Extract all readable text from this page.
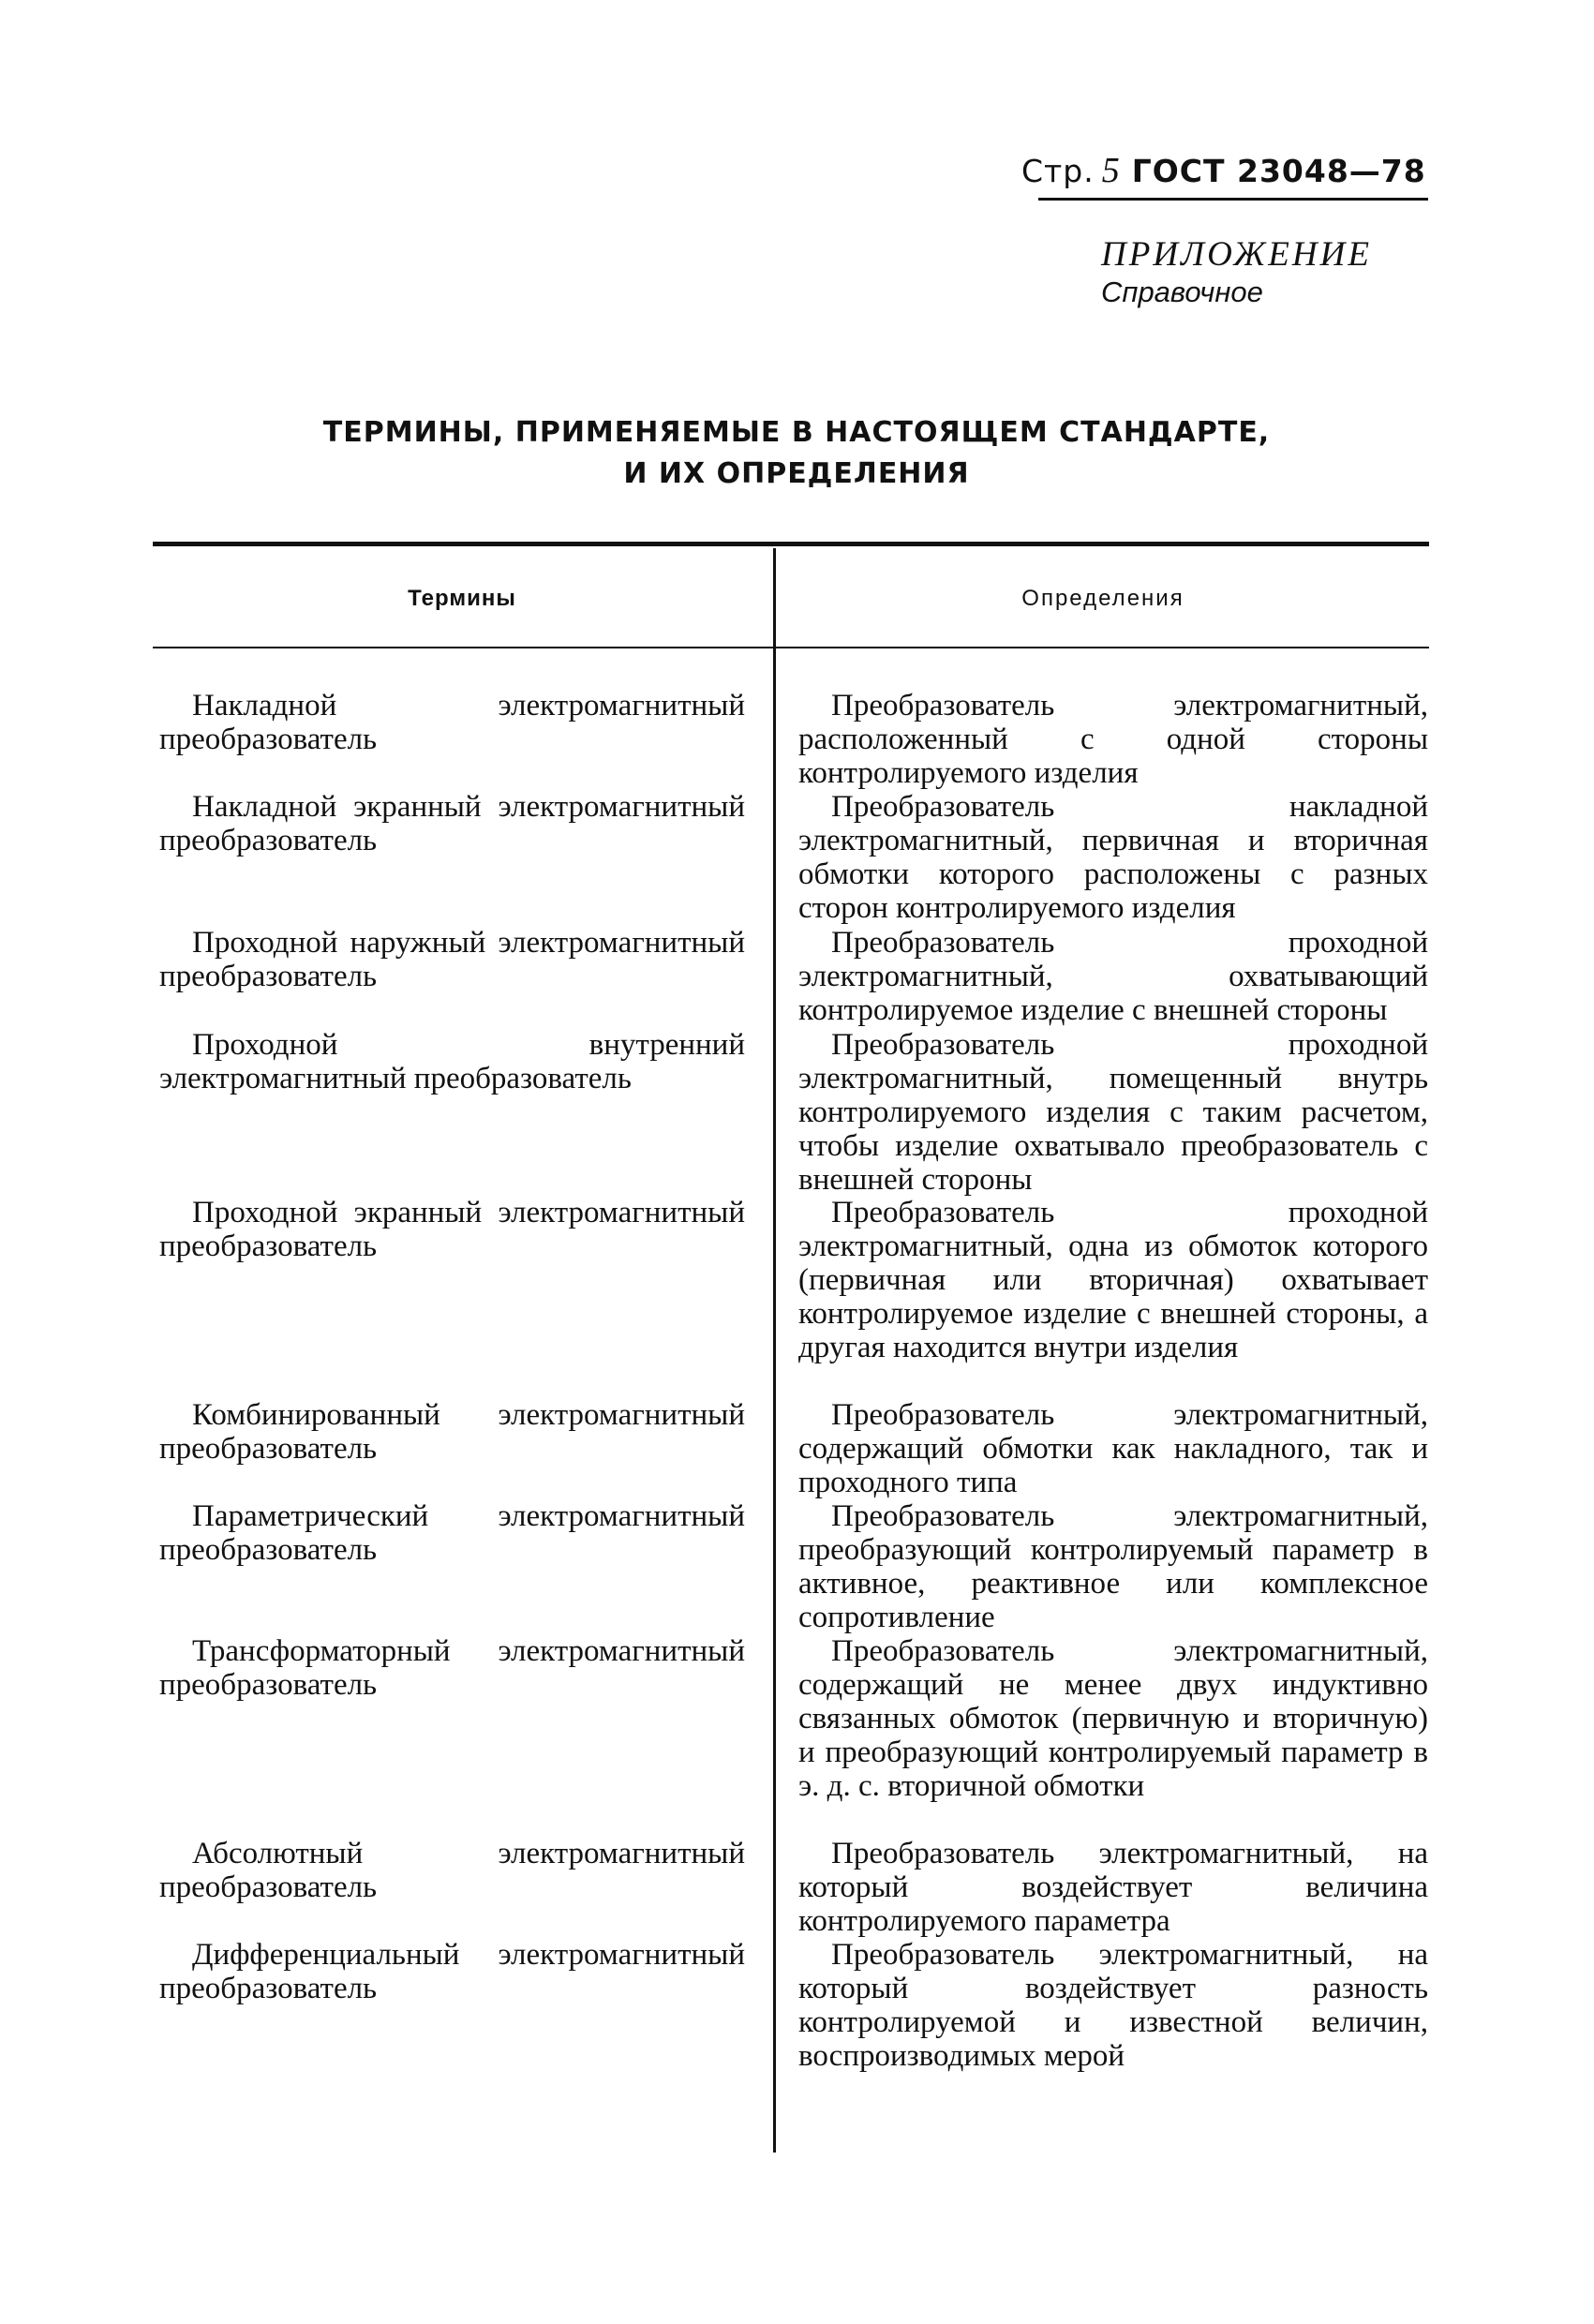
Стр. 5 ГОСТ 23048—78
ПРИЛОЖЕНИЕ
Справочное
ТЕРМИНЫ, ПРИМЕНЯЕМЫЕ В НАСТОЯЩЕМ СТАНДАРТЕ,
И ИХ ОПРЕДЕЛЕНИЯ
Термины	Определения
Накладной электромагнитный преобразователь
Преобразователь электромагнитный, расположенный с одной стороны контролируемого изделия
Накладной экранный электромагнитный преобразователь
Преобразователь накладной электромагнитный, первичная и вторичная обмотки которого расположены с разных сторон контролируемого изделия
Проходной наружный электромагнитный преобразователь
Преобразователь проходной электромагнитный, охватывающий контролируемое изделие с внешней стороны
Проходной внутренний электромагнитный преобразователь
Преобразователь проходной электромагнитный, помещенный внутрь контролируемого изделия с таким расчетом, чтобы изделие охватывало преобразователь с внешней стороны
Проходной экранный электромагнитный преобразователь
Преобразователь проходной электромагнитный, одна из обмоток которого (первичная или вторичная) охватывает контролируемое изделие с внешней стороны, а другая находится внутри изделия
Комбинированный электромагнитный преобразователь
Преобразователь электромагнитный, содержащий обмотки как накладного, так и проходного типа
Параметрический электромагнитный преобразователь
Преобразователь электромагнитный, преобразующий контролируемый параметр в активное, реактивное или комплексное сопротивление
Трансформаторный электромагнитный преобразователь
Преобразователь электромагнитный, содержащий не менее двух индуктивно связанных обмоток (первичную и вторичную) и преобразующий контролируемый параметр в э. д. с. вторичной обмотки
Абсолютный электромагнитный преобразователь
Преобразователь электромагнитный, на который воздействует величина контролируемого параметра
Дифференциальный электромагнитный преобразователь
Преобразователь электромагнитный, на который воздействует разность контролируемой и известной величин, воспроизводимых мерой
